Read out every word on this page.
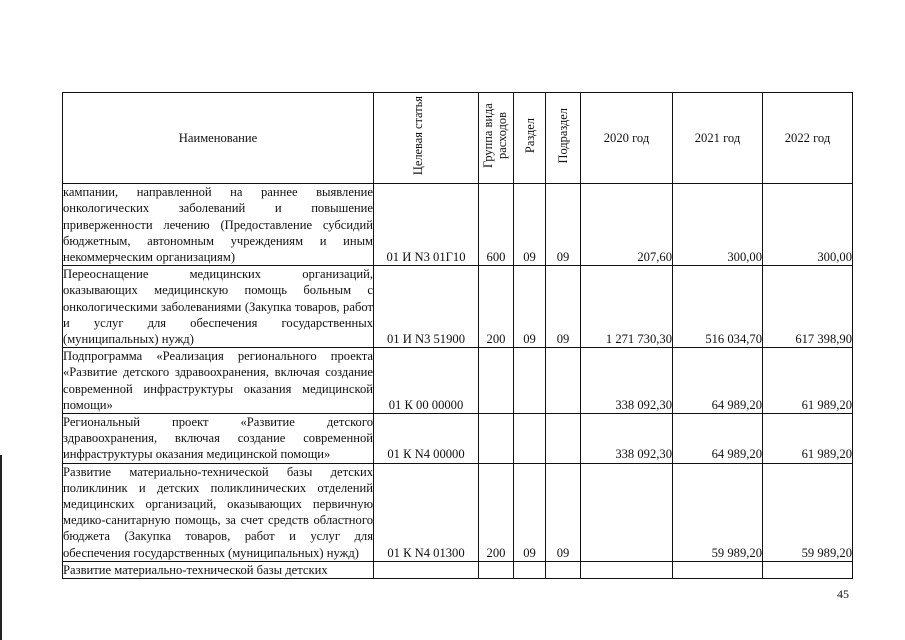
Наименование	Целевая статья	Группа вида расходов	Раздел	Подраздел	2020 год	2021 год	2022 год
кампании, направленной на раннее выявление онкологических заболеваний и повышение приверженности лечению (Предоставление субсидий бюджетным, автономным учреждениям и иным некоммерческим организациям)	01 И N3 01Г10	600	09	09	207,60	300,00	300,00
Переоснащение медицинских организаций, оказывающих медицинскую помощь больным с онкологическими заболеваниями (Закупка товаров, работ и услуг для обеспечения государственных (муниципальных) нужд)	01 И N3 51900	200	09	09	1 271 730,30	516 034,70	617 398,90
Подпрограмма «Реализация регионального проекта «Развитие детского здравоохранения, включая создание современной инфраструктуры оказания медицинской помощи»	01 К 00 00000				338 092,30	64 989,20	61 989,20
Региональный проект «Развитие детского здравоохранения, включая создание современной инфраструктуры оказания медицинской помощи»	01 К N4 00000				338 092,30	64 989,20	61 989,20
Развитие материально-технической базы детских поликлиник и детских поликлинических отделений медицинских организаций, оказывающих первичную медико-санитарную помощь, за счет средств областного бюджета (Закупка товаров, работ и услуг для обеспечения государственных (муниципальных) нужд)	01 К N4 01300	200	09	09		59 989,20	59 989,20
Развитие материально-технической базы детских							
45
